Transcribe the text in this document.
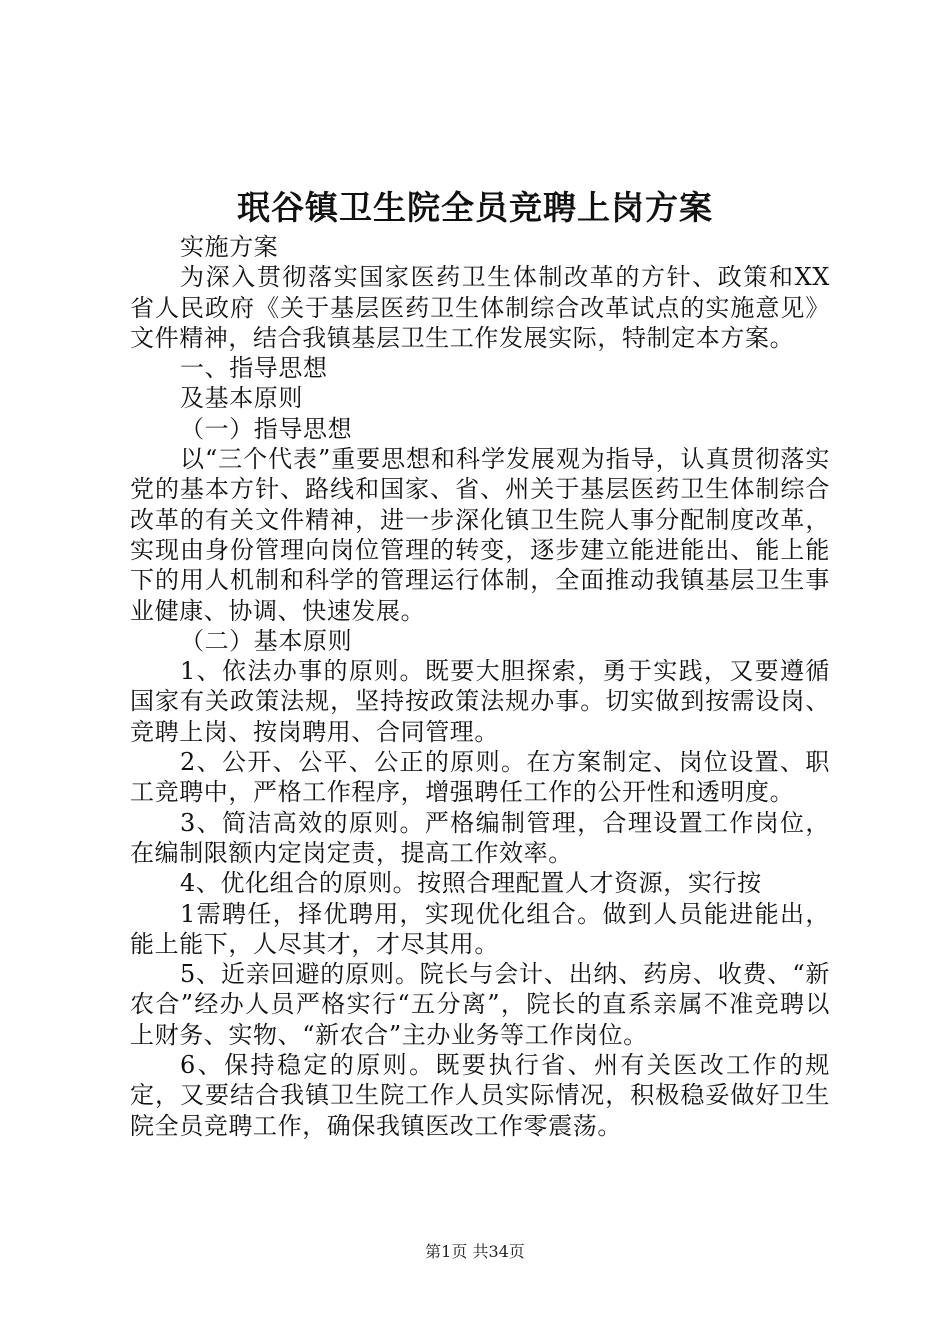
珉谷镇卫生院全员竞聘上岗方案

实施方案

为深入贯彻落实国家医药卫生体制改革的方针、政策和XX省人民政府《关于基层医药卫生体制综合改革试点的实施意见》文件精神，结合我镇基层卫生工作发展实际，特制定本方案。

一、指导思想

及基本原则

（一）指导思想

以“三个代表”重要思想和科学发展观为指导，认真贯彻落实党的基本方针、路线和国家、省、州关于基层医药卫生体制综合改革的有关文件精神，进一步深化镇卫生院人事分配制度改革，实现由身份管理向岗位管理的转变，逐步建立能进能出、能上能下的用人机制和科学的管理运行体制，全面推动我镇基层卫生事业健康、协调、快速发展。

（二）基本原则

1、依法办事的原则。既要大胆探索，勇于实践，又要遵循国家有关政策法规，坚持按政策法规办事。切实做到按需设岗、竞聘上岗、按岗聘用、合同管理。

2、公开、公平、公正的原则。在方案制定、岗位设置、职工竞聘中，严格工作程序，增强聘任工作的公开性和透明度。

3、简洁高效的原则。严格编制管理，合理设置工作岗位，在编制限额内定岗定责，提高工作效率。

4、优化组合的原则。按照合理配置人才资源，实行按

1需聘任，择优聘用，实现优化组合。做到人员能进能出，能上能下，人尽其才，才尽其用。

5、近亲回避的原则。院长与会计、出纳、药房、收费、“新农合”经办人员严格实行“五分离”，院长的直系亲属不准竞聘以上财务、实物、“新农合”主办业务等工作岗位。

6、保持稳定的原则。既要执行省、州有关医改工作的规定，又要结合我镇卫生院工作人员实际情况，积极稳妥做好卫生院全员竞聘工作，确保我镇医改工作零震荡。

第1页 共34页
